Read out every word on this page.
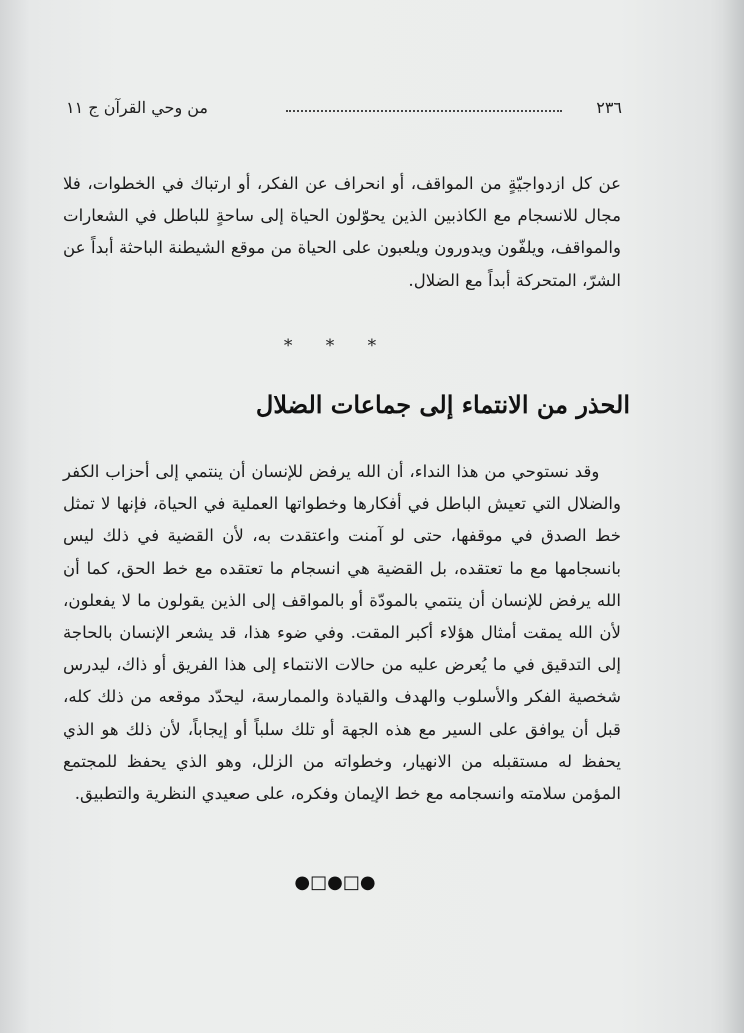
٢٣٦
من وحي القرآن ج ١١

عن كل ازدواجيّةٍ من المواقف، أو انحراف عن الفكر، أو ارتباك في الخطوات، فلا مجال للانسجام مع الكاذبين الذين يحوّلون الحياة إلى ساحةٍ للباطل في الشعارات والمواقف، ويلفّون ويدورون ويلعبون على الحياة من موقع الشيطنة الباحثة أبداً عن الشرّ، المتحركة أبداً مع الضلال.

* * *
الحذر من الانتماء إلى جماعات الضلال

وقد نستوحي من هذا النداء، أن الله يرفض للإنسان أن ينتمي إلى أحزاب الكفر والضلال التي تعيش الباطل في أفكارها وخطواتها العملية في الحياة، فإنها لا تمثل خط الصدق في موقفها، حتى لو آمنت واعتقدت به، لأن القضية في ذلك ليس بانسجامها مع ما تعتقده، بل القضية هي انسجام ما تعتقده مع خط الحق، كما أن الله يرفض للإنسان أن ينتمي بالمودّة أو بالمواقف إلى الذين يقولون ما لا يفعلون، لأن الله يمقت أمثال هؤلاء أكبر المقت. وفي ضوء هذا، قد يشعر الإنسان بالحاجة إلى التدقيق في ما يُعرض عليه من حالات الانتماء إلى هذا الفريق أو ذاك، ليدرس شخصية الفكر والأسلوب والهدف والقيادة والممارسة، ليحدّد موقعه من ذلك كله، قبل أن يوافق على السير مع هذه الجهة أو تلك سلباً أو إيجاباً، لأن ذلك هو الذي يحفظ له مستقبله من الانهيار، وخطواته من الزلل، وهو الذي يحفظ للمجتمع المؤمن سلامته وانسجامه مع خط الإيمان وفكره، على صعيدي النظرية والتطبيق.

●□●□●
